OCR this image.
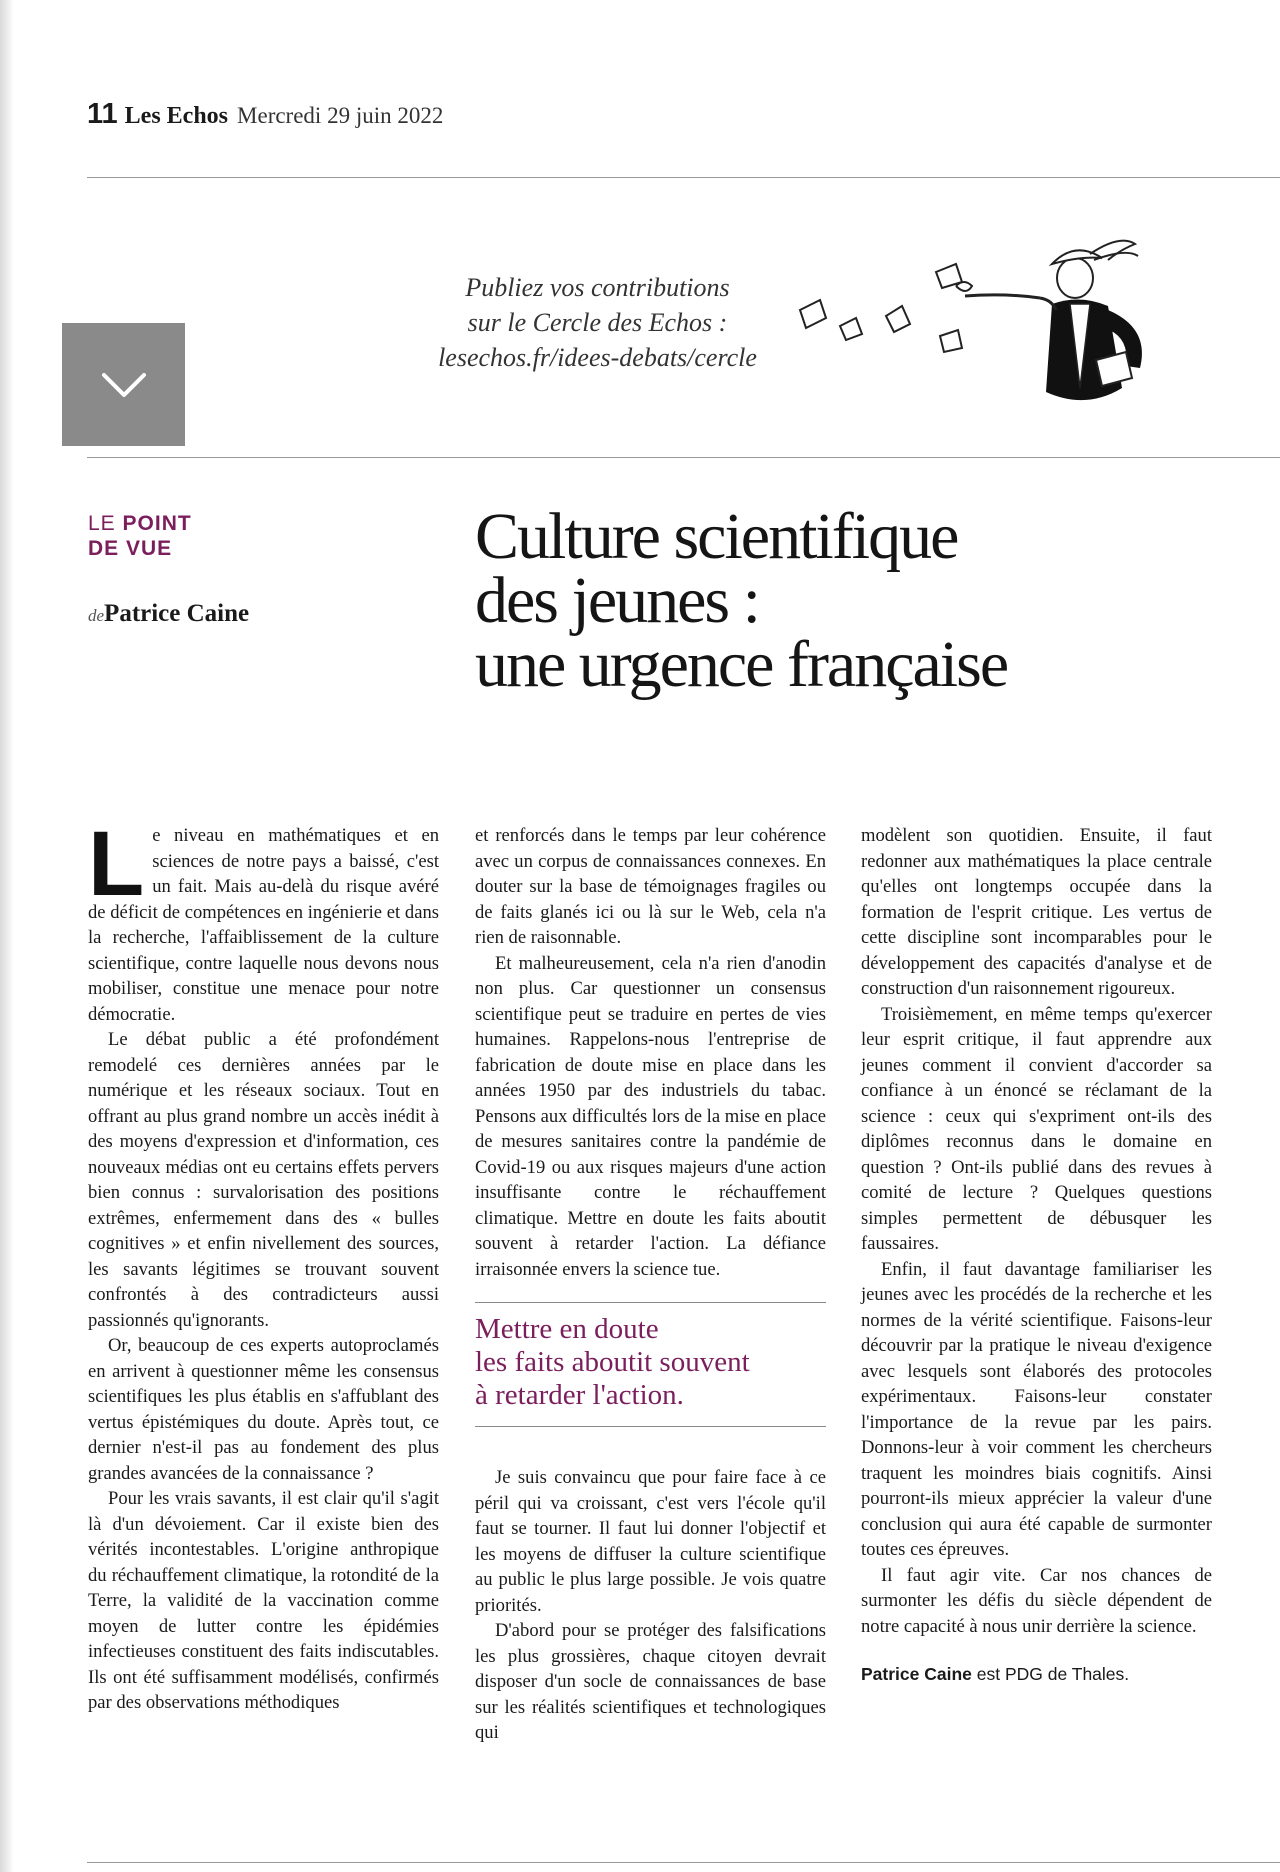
11 Les Echos Mercredi 29 juin 2022
Publiez vos contributions
sur le Cercle des Echos :
lesechos.fr/idees-debats/cercle
LE POINT
DE VUE
dePatrice Caine
Culture scientifique
des jeunes :
une urgence française

Le niveau en mathématiques et en sciences de notre pays a baissé, c'est un fait. Mais au-delà du risque avéré de déficit de compétences en ingénierie et dans la recherche, l'affaiblissement de la culture scientifique, contre laquelle nous devons nous mobiliser, constitue une menace pour notre démocratie.

Le débat public a été profondément remodelé ces dernières années par le numérique et les réseaux sociaux. Tout en offrant au plus grand nombre un accès inédit à des moyens d'expression et d'information, ces nouveaux médias ont eu certains effets pervers bien connus : survalorisation des positions extrêmes, enfermement dans des « bulles cognitives » et enfin nivellement des sources, les savants légitimes se trouvant souvent confrontés à des contradicteurs aussi passionnés qu'ignorants.

Or, beaucoup de ces experts autoproclamés en arrivent à questionner même les consensus scientifiques les plus établis en s'affublant des vertus épistémiques du doute. Après tout, ce dernier n'est-il pas au fondement des plus grandes avancées de la connaissance ?

Pour les vrais savants, il est clair qu'il s'agit là d'un dévoiement. Car il existe bien des vérités incontestables. L'origine anthropique du réchauffement climatique, la rotondité de la Terre, la validité de la vaccination comme moyen de lutter contre les épidémies infectieuses constituent des faits indiscutables. Ils ont été suffisamment modélisés, confirmés par des observations méthodiques

et renforcés dans le temps par leur cohérence avec un corpus de connaissances connexes. En douter sur la base de témoignages fragiles ou de faits glanés ici ou là sur le Web, cela n'a rien de raisonnable.

Et malheureusement, cela n'a rien d'anodin non plus. Car questionner un consensus scientifique peut se traduire en pertes de vies humaines. Rappelons-nous l'entreprise de fabrication de doute mise en place dans les années 1950 par des industriels du tabac. Pensons aux difficultés lors de la mise en place de mesures sanitaires contre la pandémie de Covid-19 ou aux risques majeurs d'une action insuffisante contre le réchauffement climatique. Mettre en doute les faits aboutit souvent à retarder l'action. La défiance irraisonnée envers la science tue.

Mettre en doute
les faits aboutit souvent
à retarder l'action.

Je suis convaincu que pour faire face à ce péril qui va croissant, c'est vers l'école qu'il faut se tourner. Il faut lui donner l'objectif et les moyens de diffuser la culture scientifique au public le plus large possible. Je vois quatre priorités.

D'abord pour se protéger des falsifications les plus grossières, chaque citoyen devrait disposer d'un socle de connaissances de base sur les réalités scientifiques et technologiques qui

modèlent son quotidien. Ensuite, il faut redonner aux mathématiques la place centrale qu'elles ont longtemps occupée dans la formation de l'esprit critique. Les vertus de cette discipline sont incomparables pour le développement des capacités d'analyse et de construction d'un raisonnement rigoureux.

Troisièmement, en même temps qu'exercer leur esprit critique, il faut apprendre aux jeunes comment il convient d'accorder sa confiance à un énoncé se réclamant de la science : ceux qui s'expriment ont-ils des diplômes reconnus dans le domaine en question ? Ont-ils publié dans des revues à comité de lecture ? Quelques questions simples permettent de débusquer les faussaires.

Enfin, il faut davantage familiariser les jeunes avec les procédés de la recherche et les normes de la vérité scientifique. Faisons-leur découvrir par la pratique le niveau d'exigence avec lesquels sont élaborés des protocoles expérimentaux. Faisons-leur constater l'importance de la revue par les pairs. Donnons-leur à voir comment les chercheurs traquent les moindres biais cognitifs. Ainsi pourront-ils mieux apprécier la valeur d'une conclusion qui aura été capable de surmonter toutes ces épreuves.

Il faut agir vite. Car nos chances de surmonter les défis du siècle dépendent de notre capacité à nous unir derrière la science.

Patrice Caine est PDG de Thales.
